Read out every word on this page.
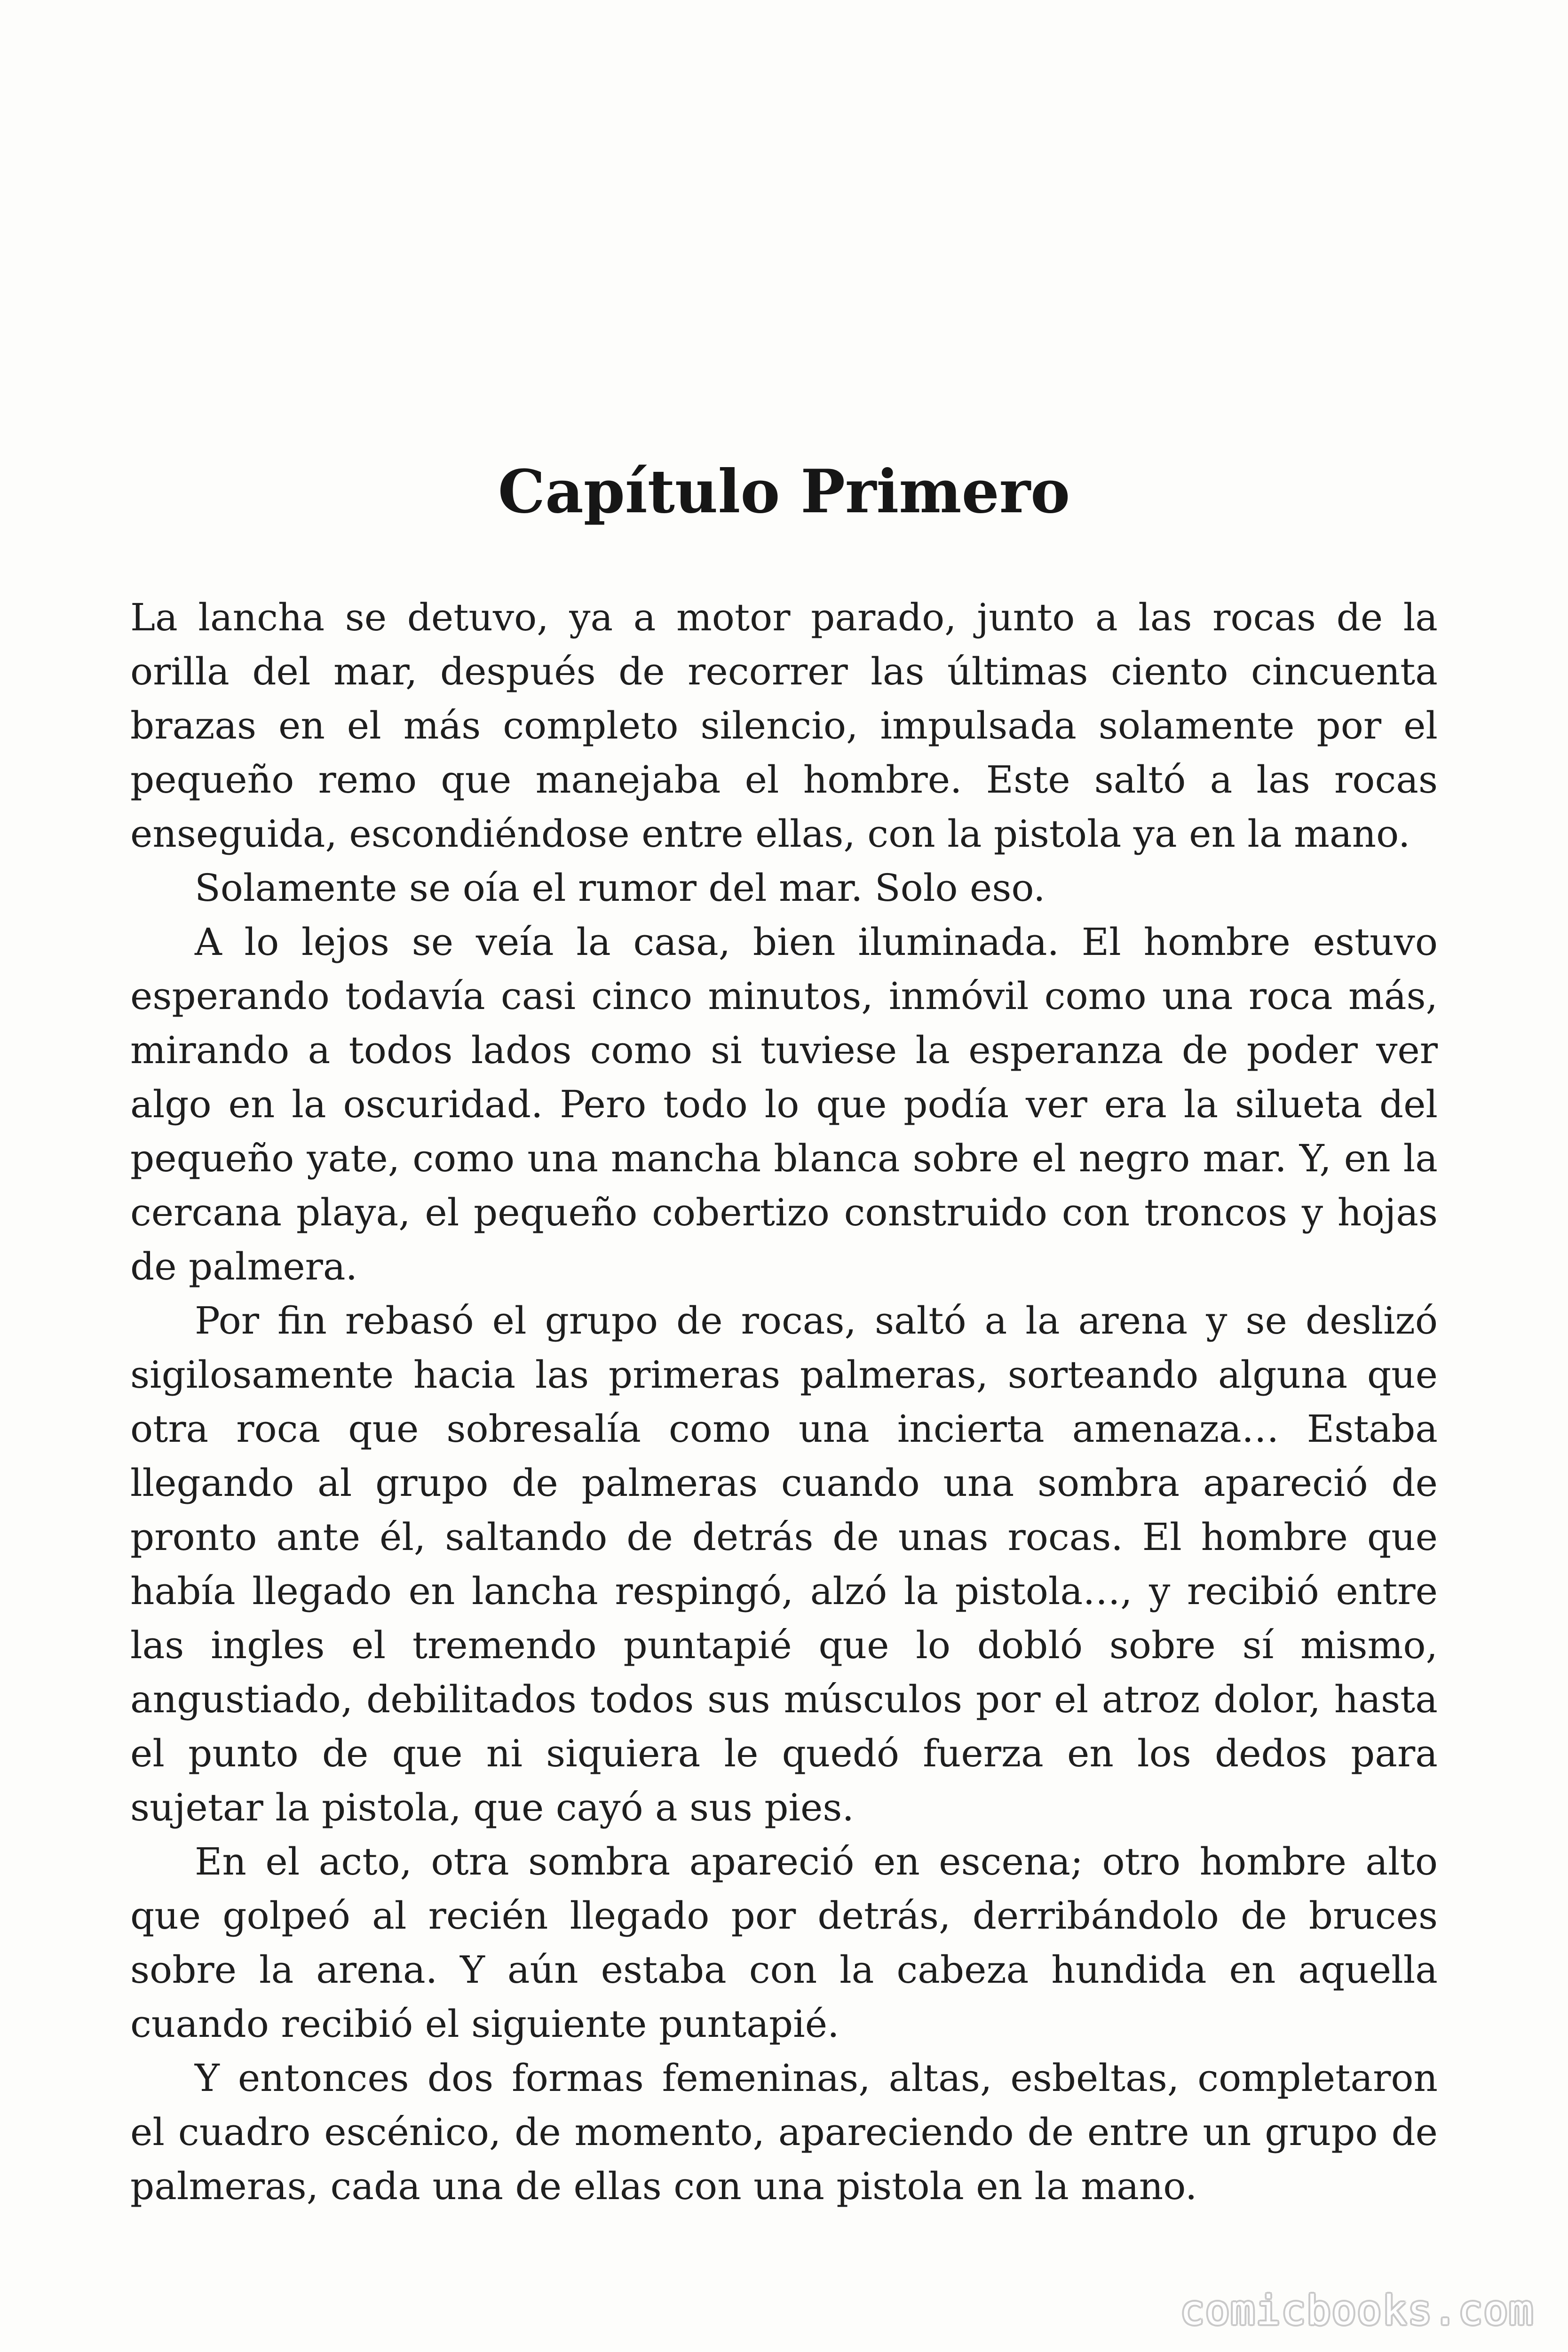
Capítulo Primero

La lancha se detuvo, ya a motor parado, junto a las rocas de la orilla del mar, después de recorrer las últimas ciento cincuenta brazas en el más completo silencio, impulsada solamente por el pequeño remo que manejaba el hombre. Este saltó a las rocas enseguida, escondiéndose entre ellas, con la pistola ya en la mano.

Solamente se oía el rumor del mar. Solo eso.

A lo lejos se veía la casa, bien iluminada. El hombre estuvo esperando todavía casi cinco minutos, inmóvil como una roca más, mirando a todos lados como si tuviese la esperanza de poder ver algo en la oscuridad. Pero todo lo que podía ver era la silueta del pequeño yate, como una mancha blanca sobre el negro mar. Y, en la cercana playa, el pequeño cobertizo construido con troncos y hojas de palmera.

Por fin rebasó el grupo de rocas, saltó a la arena y se deslizó sigilosamente hacia las primeras palmeras, sorteando alguna que otra roca que sobresalía como una incierta amenaza… Estaba llegando al grupo de palmeras cuando una sombra apareció de pronto ante él, saltando de detrás de unas rocas. El hombre que había llegado en lancha respingó, alzó la pistola…, y recibió entre las ingles el tremendo puntapié que lo dobló sobre sí mismo, angustiado, debilitados todos sus músculos por el atroz dolor, hasta el punto de que ni siquiera le quedó fuerza en los dedos para sujetar la pistola, que cayó a sus pies.

En el acto, otra sombra apareció en escena; otro hombre alto que golpeó al recién llegado por detrás, derribándolo de bruces sobre la arena. Y aún estaba con la cabeza hundida en aquella cuando recibió el siguiente puntapié.

Y entonces dos formas femeninas, altas, esbeltas, completaron el cuadro escénico, de momento, apareciendo de entre un grupo de palmeras, cada una de ellas con una pistola en la mano.

comicbooks.com
